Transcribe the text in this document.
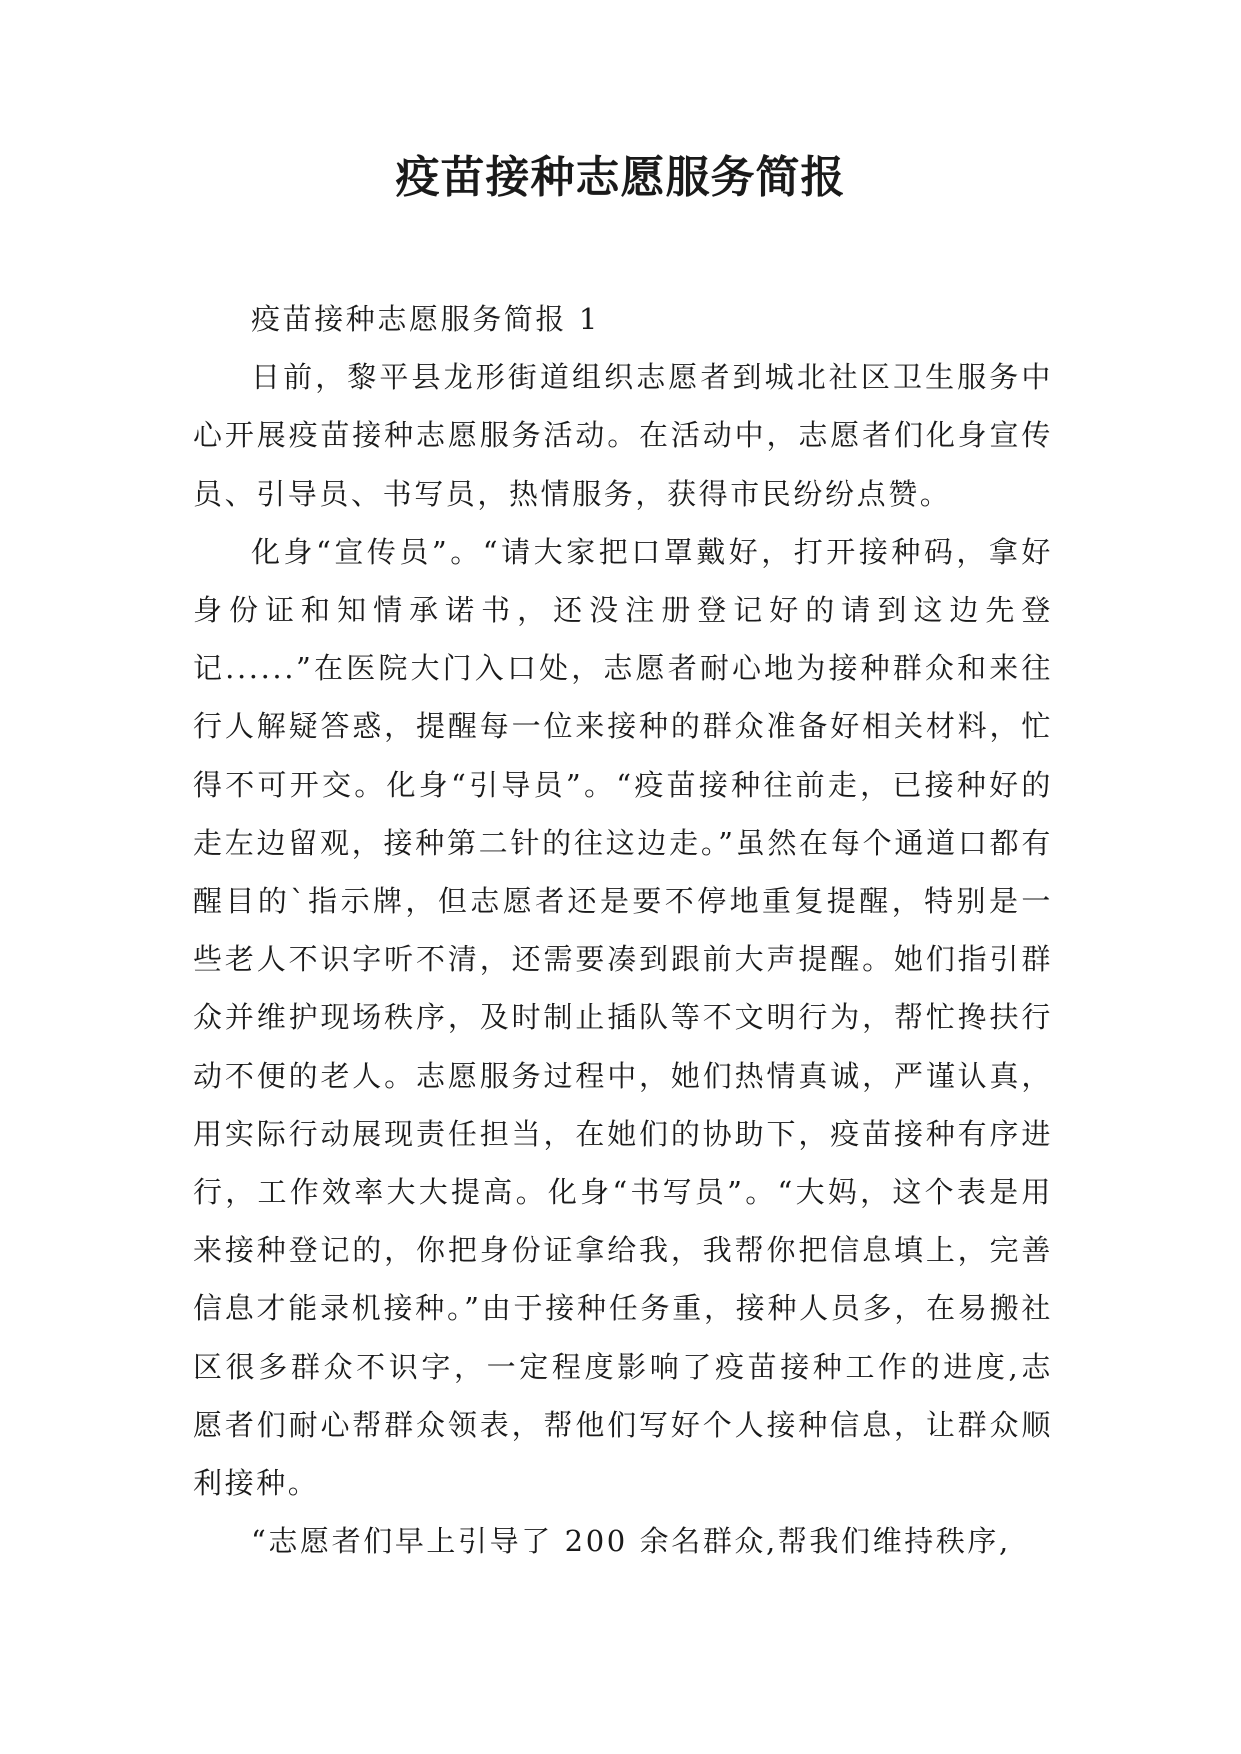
疫苗接种志愿服务简报

疫苗接种志愿服务简报 1

日前，黎平县龙形街道组织志愿者到城北社区卫生服务中心开展疫苗接种志愿服务活动。在活动中，志愿者们化身宣传员、引导员、书写员，热情服务，获得市民纷纷点赞。

化身“宣传员”。“请大家把口罩戴好，打开接种码，拿好身份证和知情承诺书，还没注册登记好的请到这边先登记......”在医院大门入口处，志愿者耐心地为接种群众和来往行人解疑答惑，提醒每一位来接种的群众准备好相关材料，忙得不可开交。化身“引导员”。“疫苗接种往前走，已接种好的走左边留观，接种第二针的往这边走。”虽然在每个通道口都有醒目的`指示牌，但志愿者还是要不停地重复提醒，特别是一些老人不识字听不清，还需要凑到跟前大声提醒。她们指引群众并维护现场秩序，及时制止插队等不文明行为，帮忙搀扶行动不便的老人。志愿服务过程中，她们热情真诚，严谨认真，用实际行动展现责任担当，在她们的协助下，疫苗接种有序进行，工作效率大大提高。化身“书写员”。“大妈，这个表是用来接种登记的，你把身份证拿给我，我帮你把信息填上，完善信息才能录机接种。”由于接种任务重，接种人员多，在易搬社区很多群众不识字，一定程度影响了疫苗接种工作的进度,志愿者们耐心帮群众领表，帮他们写好个人接种信息，让群众顺利接种。

“志愿者们早上引导了 200 余名群众,帮我们维持秩序,
